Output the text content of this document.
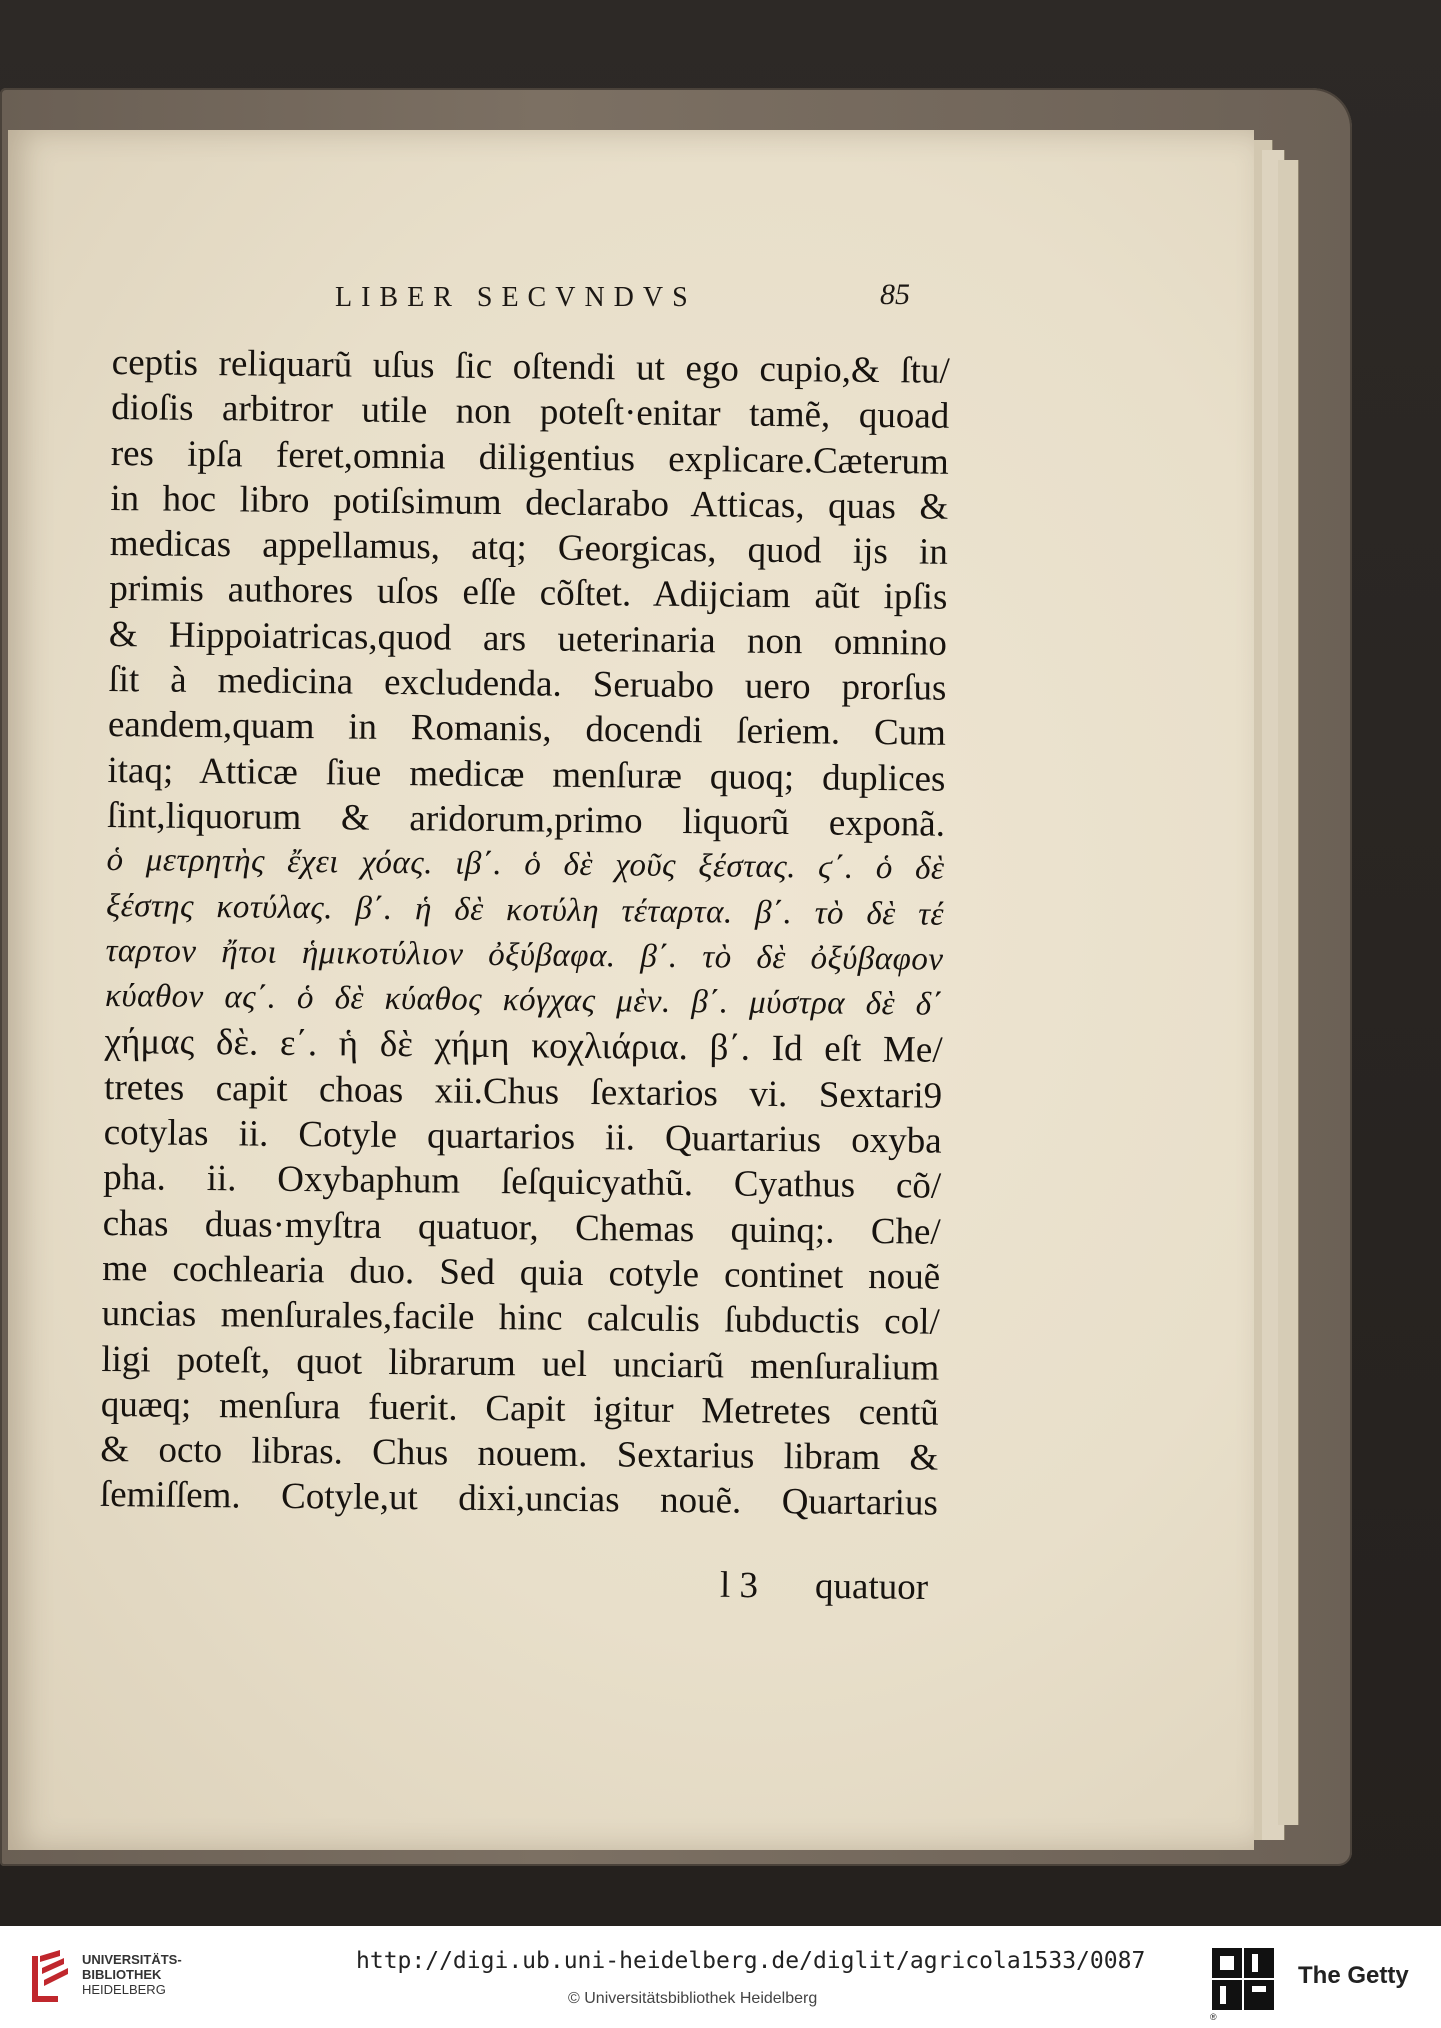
LIBER SECVNDVS	85
ceptis reliquarũ uſus ſic oſtendi ut ego cupio,& ſtu/
dioſis arbitror utile non poteſt·enitar tamẽ, quoad
res ipſa feret,omnia diligentius explicare.Cæterum
in hoc libro potiſsimum declarabo Atticas, quas &
medicas appellamus, atq; Georgicas, quod ijs in
primis authores uſos eſſe cõſtet. Adijciam aũt ipſis
& Hippoiatricas,quod ars ueterinaria non omnino
ſit à medicina excludenda. Seruabo uero prorſus
eandem,quam in Romanis, docendi ſeriem. Cum
itaq; Atticæ ſiue medicæ menſuræ quoq; duplices
ſint,liquorum & aridorum,primo liquorũ exponã.
ὁ μετρητὴς ἔχει χόας. ιβ΄. ὁ δὲ χοῦς ξέστας. ϛ΄. ὁ δὲ
ξέστης κοτύλας. β΄. ἡ δὲ κοτύλη τέταρτα. β΄. τὸ δὲ τέ
ταρτον ἤτοι ἡμικοτύλιον ὀξύβαφα. β΄. τὸ δὲ ὀξύβαφον
κύαθον ας΄. ὁ δὲ κύαθος κόγχας μὲν. β΄. μύστρα δὲ δ΄
χήμας δὲ. ε΄. ἡ δὲ χήμη κοχλιάρια. β΄. Id eſt Me/
tretes capit choas xii.Chus ſextarios vi. Sextari9
cotylas ii. Cotyle quartarios ii. Quartarius oxyba
pha. ii. Oxybaphum ſeſquicyathũ. Cyathus cõ/
chas duas·myſtra quatuor, Chemas quinq;. Che/
me cochlearia duo. Sed quia cotyle continet nouẽ
uncias menſurales,facile hinc calculis ſubductis col/
ligi poteſt, quot librarum uel unciarũ menſuralium
quæq; menſura fuerit. Capit igitur Metretes centũ
& octo libras. Chus nouem. Sextarius libram &
ſemiſſem. Cotyle,ut dixi,uncias nouẽ. Quartarius
l 3 quatuor
UNIVERSITÄTS-
BIBLIOTHEK
HEIDELBERG
http://digi.ub.uni-heidelberg.de/diglit/agricola1533/0087
© Universitätsbibliothek Heidelberg
®
The Getty
